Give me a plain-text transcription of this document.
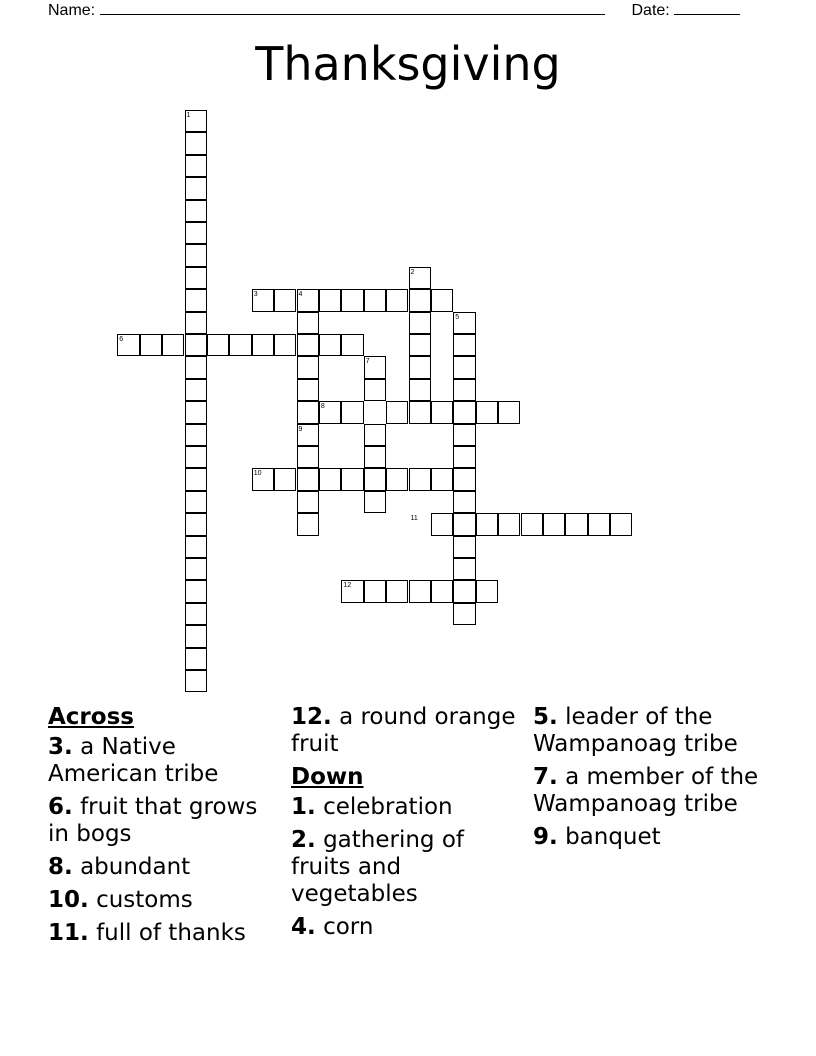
Name:	Date:
Thanksgiving
1
2
3	4
5
6
7
8
9
10
11
12
Across
3. a Native American tribe
6. fruit that grows in bogs
8. abundant
10. customs
11. full of thanks
12. a round orange fruit
Down
1. celebration
2. gathering of fruits and vegetables
4. corn
5. leader of the Wampanoag tribe
7. a member of the Wampanoag tribe
9. banquet
